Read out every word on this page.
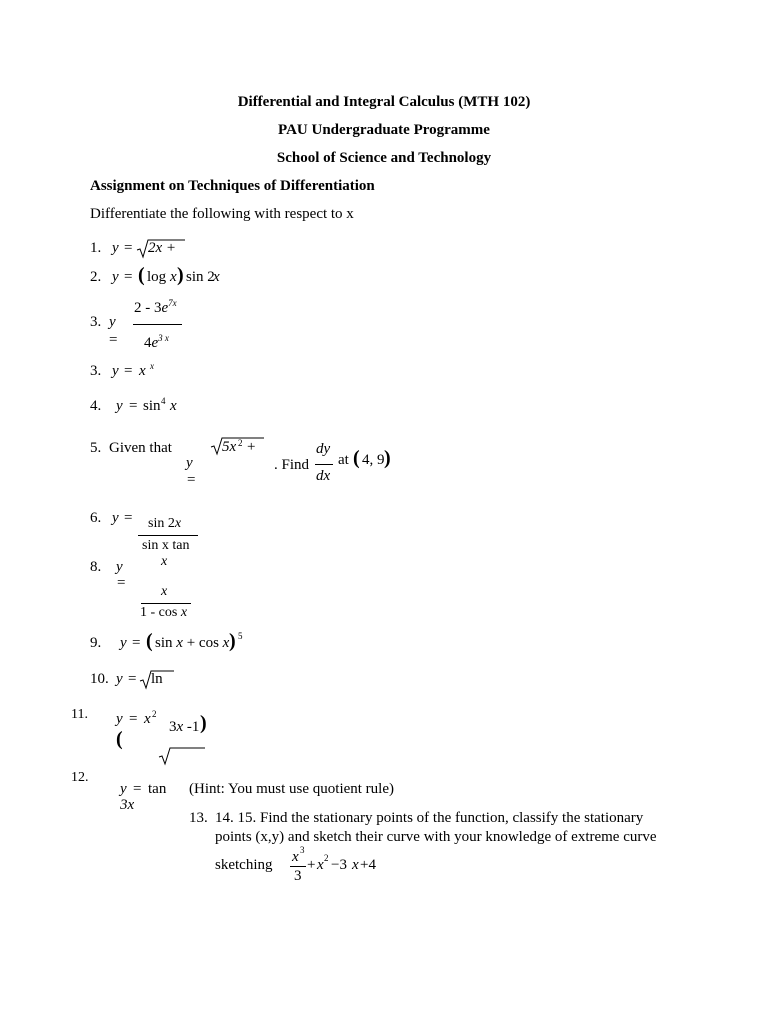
Differential and Integral Calculus (MTH 102)
PAU Undergraduate Programme
School of Science and Technology
Assignment on Techniques of Differentiation
Differentiate the following with respect to x
1. y = 2x +
2. y = ( log x ) sin 2
x
3. y
=
$2 - 3e^{7x}$
$4e^{3 x}$
3. y = x x
4. y = sin 4 x
5. Given that
y
=
5x 2 +
. Find
dy
dx
at ( 4, 9 )
6. y = sin 2x
sin x tan
x
8. y
=
x
1 - cos x
9. y = ( sin x + cos x ) 5
10. y = ln
11. y = x 2
(
3x -1 )
12.
y = tan
3x
(Hint: You must use quotient rule)
13. 14. 15. Find the stationary points of the function, classify the stationary
points (x,y) and sketch their curve with your knowledge of extreme curve
sketching x 3
3
+ x 2 −3 x +4
